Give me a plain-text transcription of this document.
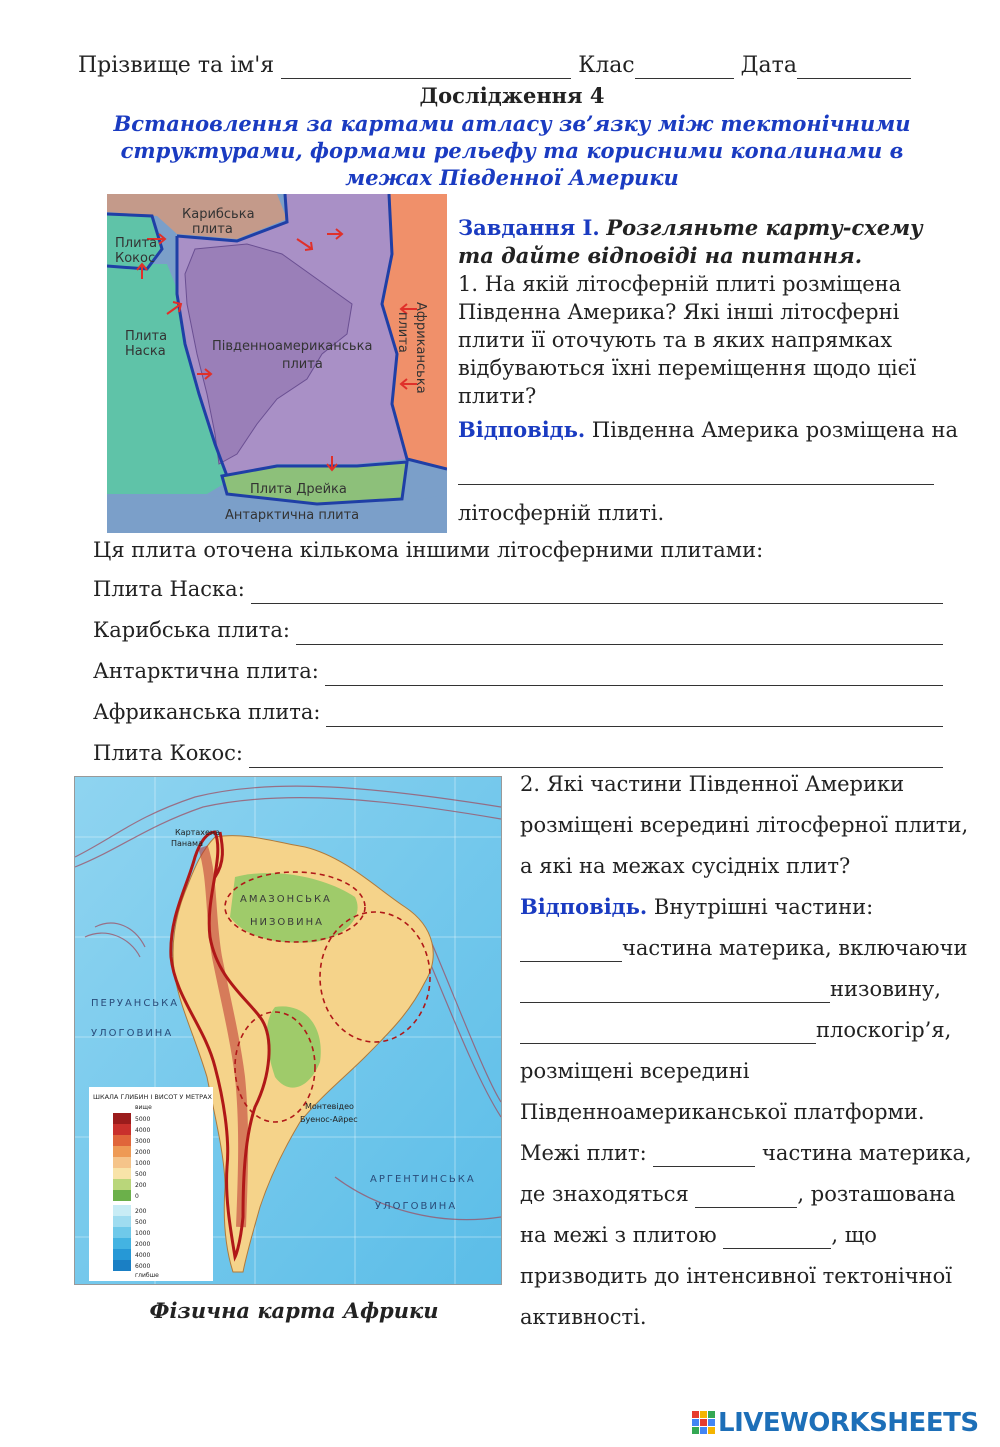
Прізвище та ім'я	Клас	Дата
Дослідження 4
Встановлення за картами атласу зв’язку між тектонічними
структурами, формами рельефу та корисними копалинами в
межах Південної Америки
Карибська
плита
Плита
Кокос
Плита
Наска	Південноамериканська
плита	Африканська
плита
Плита Дрейка
Антарктична плита
Завдання І. Розгляньте карту-схему
та дайте відповіді на питання.
1. На якій літосферній плиті розміщена
Південна Америка? Які інші літосферні
плити її оточують та в яких напрямках
відбуваються їхні переміщення щодо цієї
плити?
Відповідь. Південна Америка розміщена на
літосферній плиті.
Ця плита оточена кількома іншими літосферними плитами:
Плита Наска:
Карибська плита:
Антарктична плита:
Африканська плита:
Плита Кокос:
ПЕРУАНСЬКА
УЛОГОВИНА
АРГЕНТИНСЬКА
УЛОГОВИНА
АМАЗОНСЬКА
НИЗОВИНА
Картахена
Панама
Буенос-Айрес
Монтевідео
ШКАЛА ГЛИБИН І ВИСОТ У МЕТРАХ
вище
5000
4000
3000
2000
1000
500
200
0
200
500
1000
2000
4000
6000
глибше
Фізична карта Африки

2. Які частини Південної Америки

розміщені всередині літосферної плити,

а які на межах сусідніх плит?

Відповідь. Внутрішні частини:

частина материка, включаючи

низовину,

плоскогір’я,

розміщені всередині

Південноамериканської платформи.

Межі плит:	частина материка,

де знаходяться	, розташована

на межі з плитою	, що

призводить до інтенсивної тектонічної

активності.

LIVEWORKSHEETS
